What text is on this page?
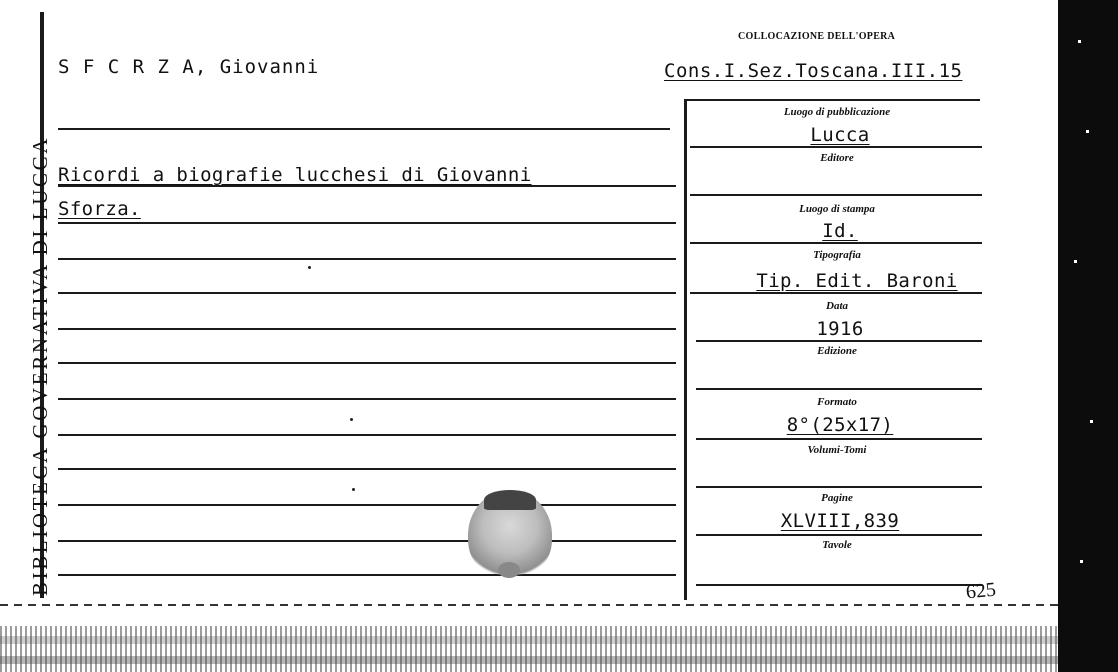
BIBLIOTECA GOVERNATIVA DI LUCCA
COLLOCAZIONE DELL'OPERA
S F C R Z A, Giovanni	Cons.I.Sez.Toscana.III.15
Ricordi a biografie lucchesi di Giovanni
Sforza.
Luogo di pubblicazione
Lucca
Editore
Luogo di stampa
Id.
Tipografia
Tip. Edit. Baroni
Data
1916
Edizione
Formato
8°(25x17)
Volumi-Tomi
Pagine
XLVIII,839
Tavole
625
